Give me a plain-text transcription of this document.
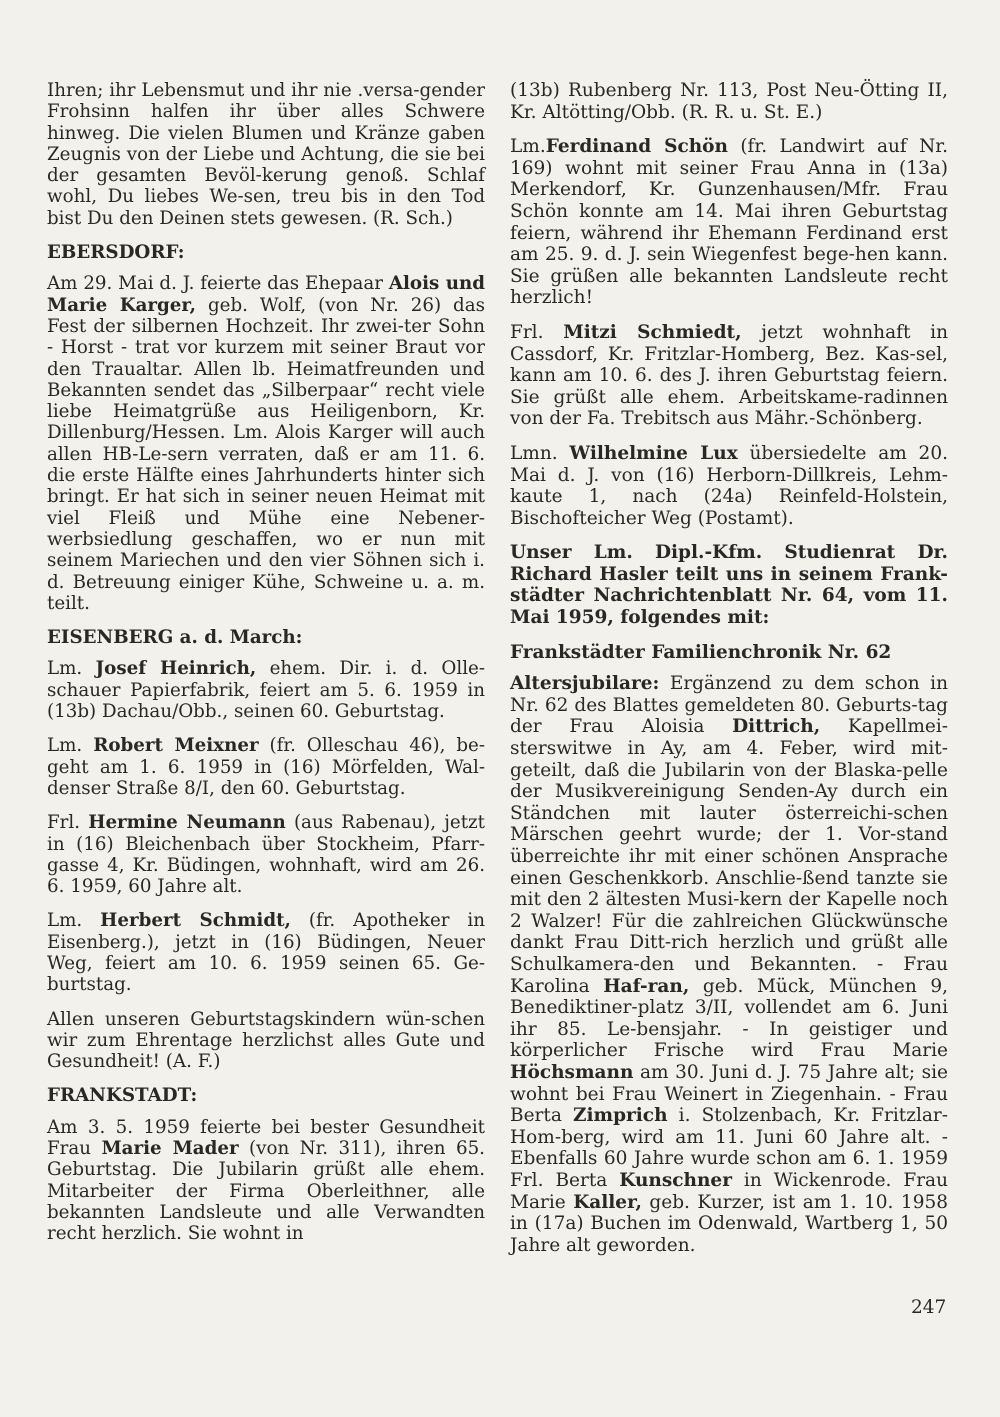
Ihren; ihr Lebensmut und ihr nie .versa-gender Frohsinn halfen ihr über alles Schwere hinweg. Die vielen Blumen und Kränze gaben Zeugnis von der Liebe und Achtung, die sie bei der gesamten Bevöl-kerung genoß. Schlaf wohl, Du liebes We-sen, treu bis in den Tod bist Du den Deinen stets gewesen. (R. Sch.)

EBERSDORF:

Am 29. Mai d. J. feierte das Ehepaar Alois und Marie Karger, geb. Wolf, (von Nr. 26) das Fest der silbernen Hochzeit. Ihr zwei-ter Sohn - Horst - trat vor kurzem mit seiner Braut vor den Traualtar. Allen lb. Heimatfreunden und Bekannten sendet das „Silberpaar“ recht viele liebe Heimatgrüße aus Heiligenborn, Kr. Dillenburg/Hessen. Lm. Alois Karger will auch allen HB-Le-sern verraten, daß er am 11. 6. die erste Hälfte eines Jahrhunderts hinter sich bringt. Er hat sich in seiner neuen Heimat mit viel Fleiß und Mühe eine Nebener-werbsiedlung geschaffen, wo er nun mit seinem Mariechen und den vier Söhnen sich i. d. Betreuung einiger Kühe, Schweine u. a. m. teilt.

EISENBERG a. d. March:

Lm. Josef Heinrich, ehem. Dir. i. d. Olle-schauer Papierfabrik, feiert am 5. 6. 1959 in (13b) Dachau/Obb., seinen 60. Geburtstag.

Lm. Robert Meixner (fr. Olleschau 46), be-geht am 1. 6. 1959 in (16) Mörfelden, Wal-denser Straße 8/I, den 60. Geburtstag.

Frl. Hermine Neumann (aus Rabenau), jetzt in (16) Bleichenbach über Stockheim, Pfarr-gasse 4, Kr. Büdingen, wohnhaft, wird am 26. 6. 1959, 60 Jahre alt.

Lm. Herbert Schmidt, (fr. Apotheker in Eisenberg.), jetzt in (16) Büdingen, Neuer Weg, feiert am 10. 6. 1959 seinen 65. Ge-burtstag.

Allen unseren Geburtstagskindern wün-schen wir zum Ehrentage herzlichst alles Gute und Gesundheit! (A. F.)

FRANKSTADT:

Am 3. 5. 1959 feierte bei bester Gesundheit Frau Marie Mader (von Nr. 311), ihren 65. Geburtstag. Die Jubilarin grüßt alle ehem. Mitarbeiter der Firma Oberleithner, alle bekannten Landsleute und alle Verwandten recht herzlich. Sie wohnt in

(13b) Rubenberg Nr. 113, Post Neu-Ötting II, Kr. Altötting/Obb. (R. R. u. St. E.)

Lm.Ferdinand Schön (fr. Landwirt auf Nr. 169) wohnt mit seiner Frau Anna in (13a) Merkendorf, Kr. Gunzenhausen/Mfr. Frau Schön konnte am 14. Mai ihren Geburtstag feiern, während ihr Ehemann Ferdinand erst am 25. 9. d. J. sein Wiegenfest bege-hen kann. Sie grüßen alle bekannten Landsleute recht herzlich!

Frl. Mitzi Schmiedt, jetzt wohnhaft in Cassdorf, Kr. Fritzlar-Homberg, Bez. Kas-sel, kann am 10. 6. des J. ihren Geburtstag feiern. Sie grüßt alle ehem. Arbeitskame-radinnen von der Fa. Trebitsch aus Mähr.-Schönberg.

Lmn. Wilhelmine Lux übersiedelte am 20. Mai d. J. von (16) Herborn-Dillkreis, Lehm-kaute 1, nach (24a) Reinfeld-Holstein, Bischofteicher Weg (Postamt).

Unser Lm. Dipl.-Kfm. Studienrat Dr. Richard Hasler teilt uns in seinem Frank-städter Nachrichtenblatt Nr. 64, vom 11. Mai 1959, folgendes mit:

Frankstädter Familienchronik Nr. 62

Altersjubilare: Ergänzend zu dem schon in Nr. 62 des Blattes gemeldeten 80. Geburts-tag der Frau Aloisia Dittrich, Kapellmei-sterswitwe in Ay, am 4. Feber, wird mit-geteilt, daß die Jubilarin von der Blaska-pelle der Musikvereinigung Senden-Ay durch ein Ständchen mit lauter österreichi-schen Märschen geehrt wurde; der 1. Vor-stand überreichte ihr mit einer schönen Ansprache einen Geschenkkorb. Anschlie-ßend tanzte sie mit den 2 ältesten Musi-kern der Kapelle noch 2 Walzer! Für die zahlreichen Glückwünsche dankt Frau Ditt-rich herzlich und grüßt alle Schulkamera-den und Bekannten. - Frau Karolina Haf-ran, geb. Mück, München 9, Benediktiner-platz 3/II, vollendet am 6. Juni ihr 85. Le-bensjahr. - In geistiger und körperlicher Frische wird Frau Marie Höchsmann am 30. Juni d. J. 75 Jahre alt; sie wohnt bei Frau Weinert in Ziegenhain. - Frau Berta Zimprich i. Stolzenbach, Kr. Fritzlar-Hom-berg, wird am 11. Juni 60 Jahre alt. - Ebenfalls 60 Jahre wurde schon am 6. 1. 1959 Frl. Berta Kunschner in Wickenrode. Frau Marie Kaller, geb. Kurzer, ist am 1. 10. 1958 in (17a) Buchen im Odenwald, Wartberg 1, 50 Jahre alt geworden.

247
